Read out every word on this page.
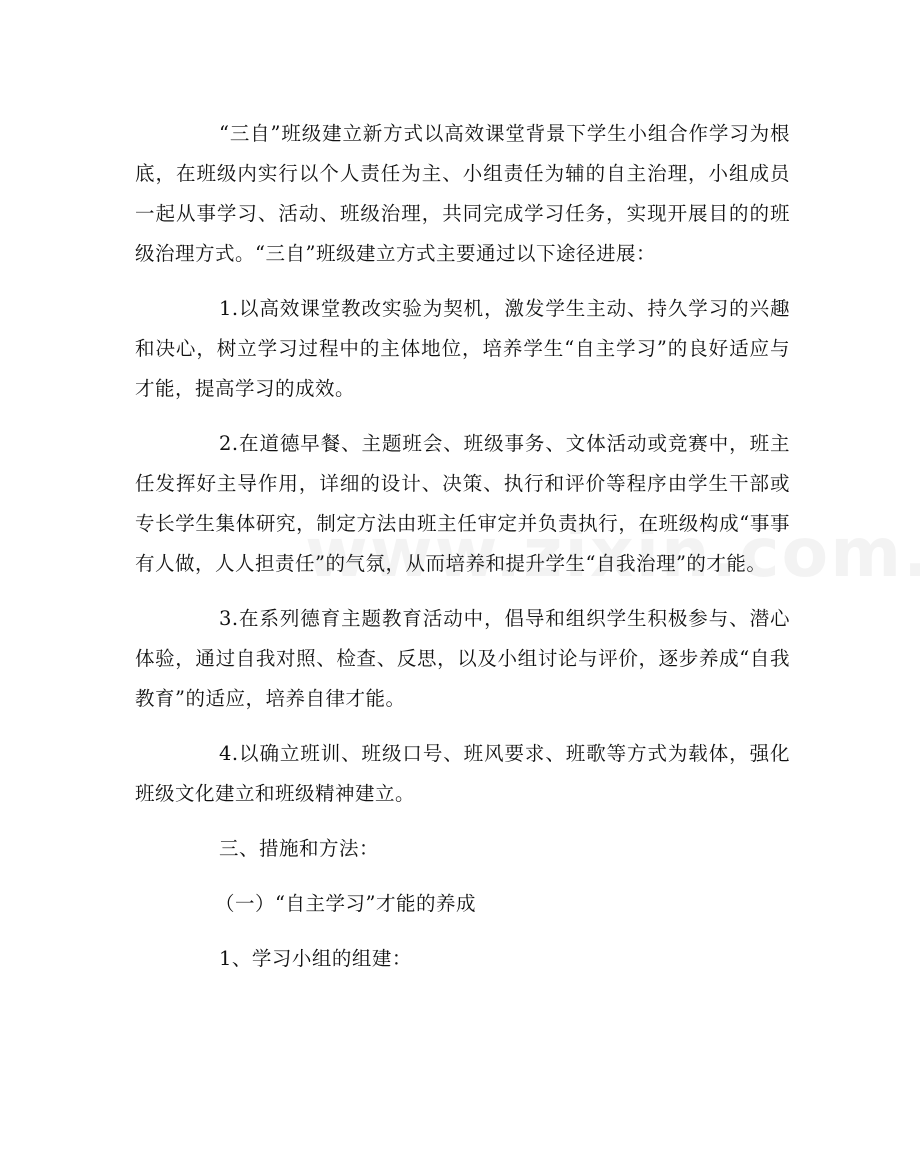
“三自”班级建立新方式以高效课堂背景下学生小组合作学习为根底，在班级内实行以个人责任为主、小组责任为辅的自主治理，小组成员一起从事学习、活动、班级治理，共同完成学习任务，实现开展目的的班级治理方式。“三自”班级建立方式主要通过以下途径进展：

1.以高效课堂教改实验为契机，激发学生主动、持久学习的兴趣和决心，树立学习过程中的主体地位，培养学生“自主学习”的良好适应与才能，提高学习的成效。

2.在道德早餐、主题班会、班级事务、文体活动或竞赛中，班主任发挥好主导作用，详细的设计、决策、执行和评价等程序由学生干部或专长学生集体研究，制定方法由班主任审定并负责执行，在班级构成“事事有人做，人人担责任”的气氛，从而培养和提升学生“自我治理”的才能。

3.在系列德育主题教育活动中，倡导和组织学生积极参与、潜心体验，通过自我对照、检查、反思，以及小组讨论与评价，逐步养成“自我教育”的适应，培养自律才能。

4.以确立班训、班级口号、班风要求、班歌等方式为载体，强化班级文化建立和班级精神建立。

三、措施和方法：

（一）“自主学习”才能的养成

1、学习小组的组建：
